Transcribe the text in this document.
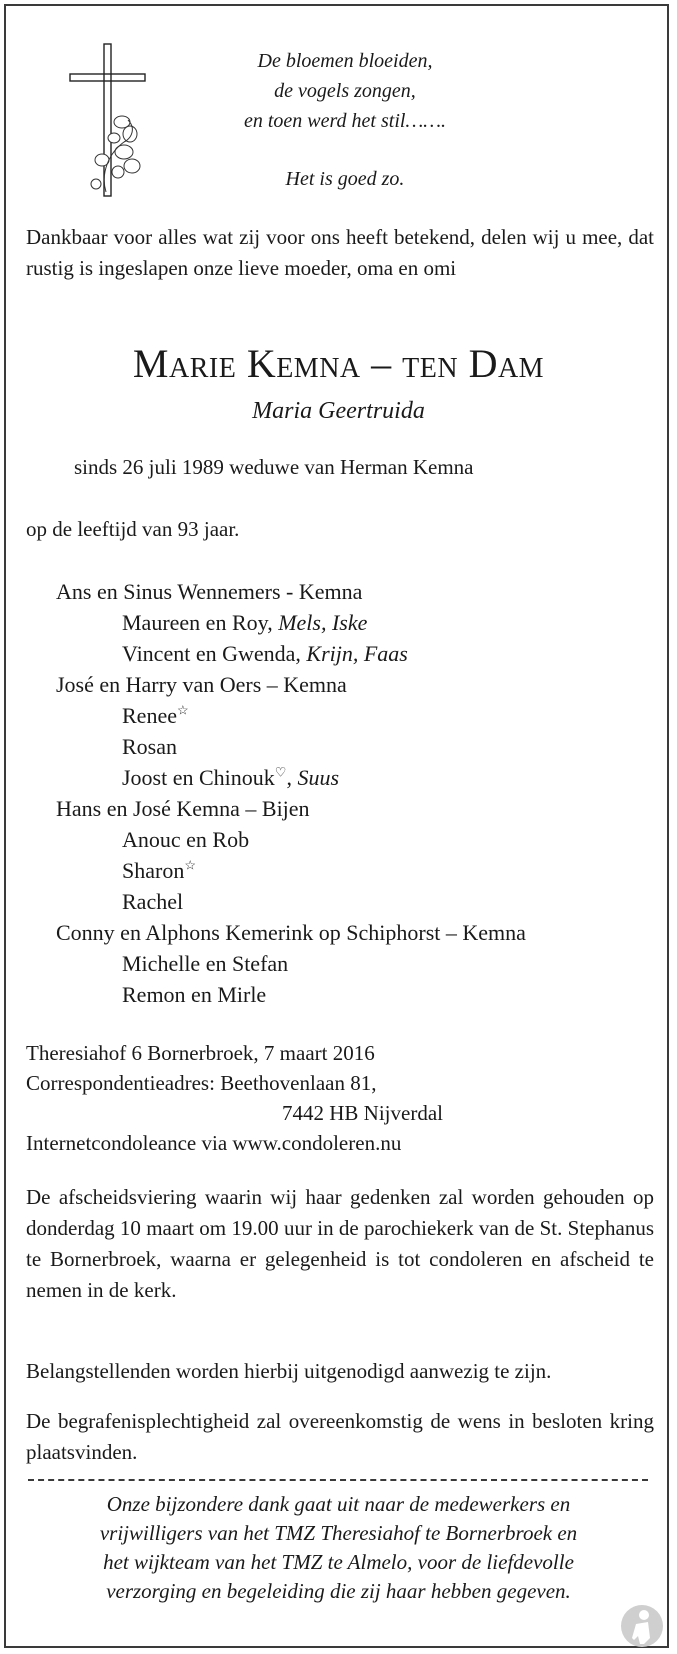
De bloemen bloeiden,
de vogels zongen,
en toen werd het stil…….
Het is goed zo.
Dankbaar voor alles wat zij voor ons heeft betekend, delen wij u mee, dat rustig is ingeslapen onze lieve moeder, oma en omi
Marie Kemna – ten Dam
Maria Geertruida
sinds 26 juli 1989 weduwe van Herman Kemna
op de leeftijd van 93 jaar.
Ans en Sinus Wennemers - Kemna
Maureen en Roy, Mels, Iske
Vincent en Gwenda, Krijn, Faas
José en Harry van Oers – Kemna
Renee☆
Rosan
Joost en Chinouk♡, Suus
Hans en José Kemna – Bijen
Anouc en Rob
Sharon☆
Rachel
Conny en Alphons Kemerink op Schiphorst – Kemna
Michelle en Stefan
Remon en Mirle
Theresiahof 6 Bornerbroek, 7 maart 2016
Correspondentieadres: Beethovenlaan 81,
7442 HB Nijverdal
Internetcondoleance via www.condoleren.nu
De afscheidsviering waarin wij haar gedenken zal worden gehouden op donderdag 10 maart om 19.00 uur in de parochiekerk van de St. Stephanus te Bornerbroek, waarna er gelegenheid is tot condoleren en afscheid te nemen in de kerk.
Belangstellenden worden hierbij uitgenodigd aanwezig te zijn.
De begrafenisplechtigheid zal overeenkomstig de wens in besloten kring plaatsvinden.
Onze bijzondere dank gaat uit naar de medewerkers en
vrijwilligers van het TMZ Theresiahof te Bornerbroek en
het wijkteam van het TMZ te Almelo, voor de liefdevolle
verzorging en begeleiding die zij haar hebben gegeven.
